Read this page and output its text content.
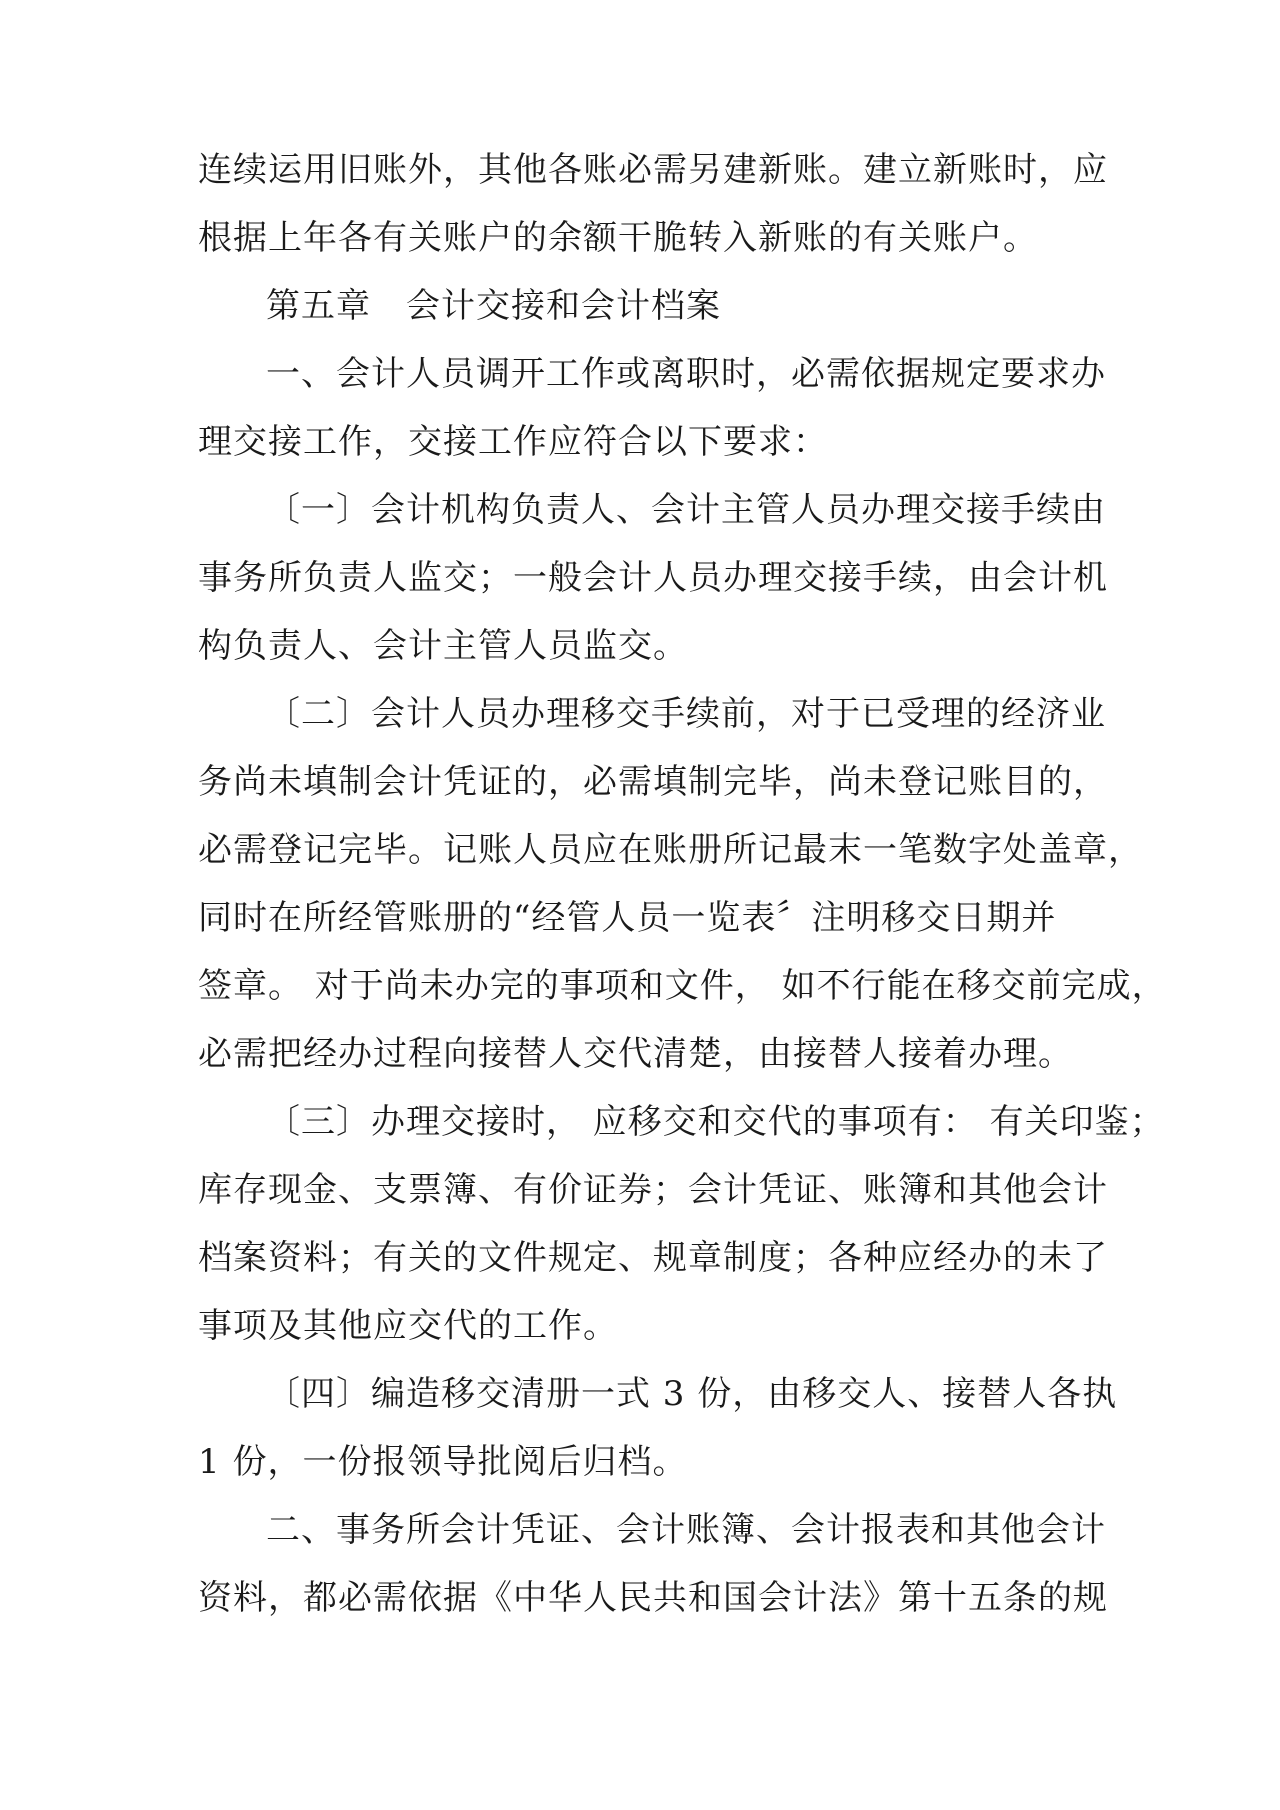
连续运用旧账外，其他各账必需另建新账。建立新账时，应
根据上年各有关账户的余额干脆转入新账的有关账户。
第五章　会计交接和会计档案
一、会计人员调开工作或离职时，必需依据规定要求办
理交接工作，交接工作应符合以下要求：
〔一〕会计机构负责人、会计主管人员办理交接手续由
事务所负责人监交；一般会计人员办理交接手续，由会计机
构负责人、会计主管人员监交。
〔二〕会计人员办理移交手续前，对于已受理的经济业
务尚未填制会计凭证的，必需填制完毕，尚未登记账目的，
必需登记完毕。记账人员应在账册所记最末一笔数字处盖章，
同时在所经管账册的“经管人员一览表〞注明移交日期并
签章。 对于尚未办完的事项和文件， 如不行能在移交前完成，
必需把经办过程向接替人交代清楚，由接替人接着办理。
〔三〕办理交接时， 应移交和交代的事项有： 有关印鉴；
库存现金、支票簿、有价证券；会计凭证、账簿和其他会计
档案资料；有关的文件规定、规章制度；各种应经办的未了
事项及其他应交代的工作。
〔四〕编造移交清册一式 3 份，由移交人、接替人各执
1 份，一份报领导批阅后归档。
二、事务所会计凭证、会计账簿、会计报表和其他会计
资料，都必需依据《中华人民共和国会计法》第十五条的规
